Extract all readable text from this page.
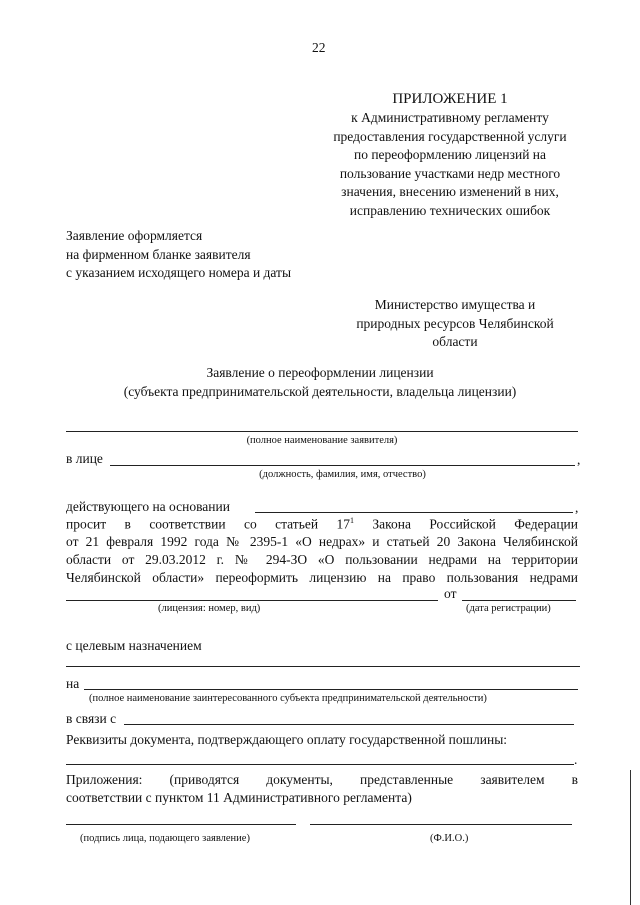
22
ПРИЛОЖЕНИЕ 1
к Административному регламенту
предоставления государственной услуги
по переоформлению лицензий на
пользование участками недр местного
значения, внесению изменений в них,
исправлению технических ошибок
Заявление оформляется
на фирменном бланке заявителя
с указанием исходящего номера и даты
Министерство имущества и
природных ресурсов Челябинской
области
Заявление о переоформлении лицензии
(субъекта предпринимательской деятельности, владельца лицензии)
(полное наименование заявителя)
в лице	,
(должность, фамилия, имя, отчество)
действующего на основании	,
просит в соответствии со статьей $17^1$ Закона Российской Федерации
от 21 февраля 1992 года № 2395-1 «О недрах» и статьей 20 Закона Челябинской
области от 29.03.2012 г. № 294-ЗО «О пользовании недрами на территории
Челябинской области» переоформить лицензию на право пользования недрами
от
(лицензия: номер, вид)	(дата регистрации)
с целевым назначением
на
(полное наименование заинтересованного субъекта предпринимательской деятельности)
в связи с
Реквизиты документа, подтверждающего оплату государственной пошлины:
.
Приложения: (приводятся документы, представленные заявителем в
соответствии с пунктом 11 Административного регламента)
(подпись лица, подающего заявление)	(Ф.И.О.)
